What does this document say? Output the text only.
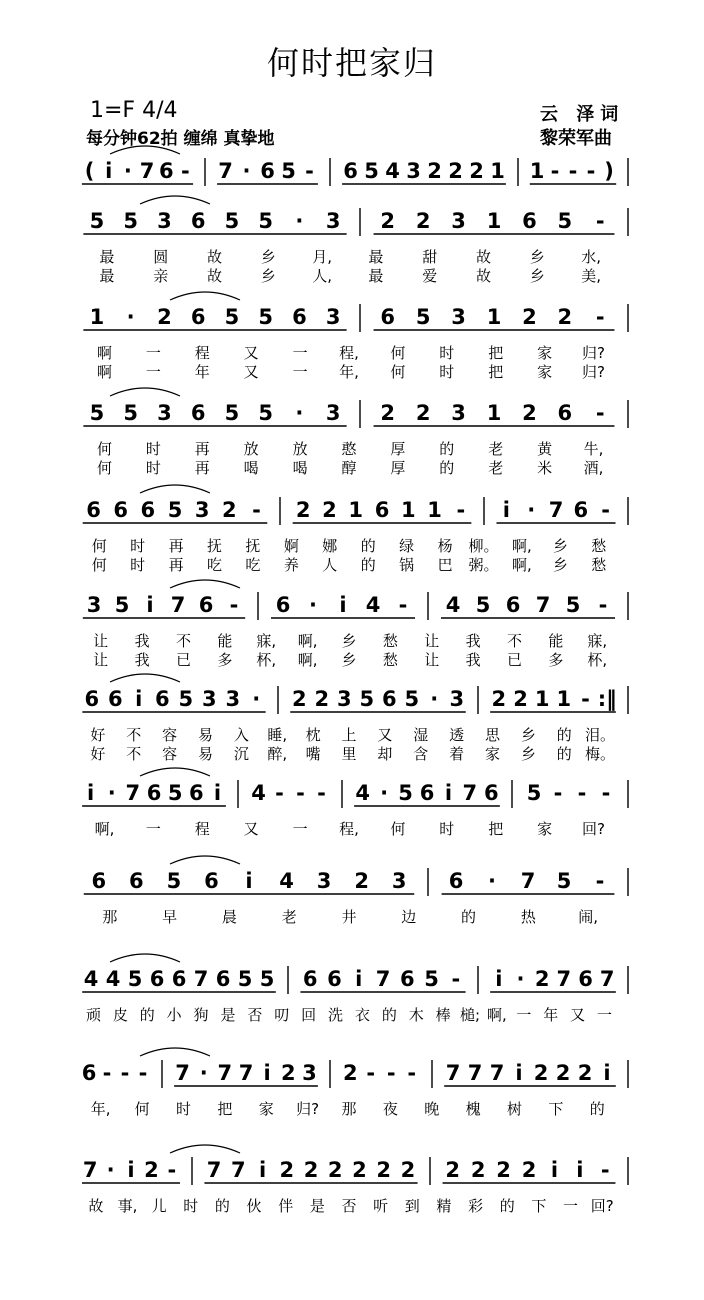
何时把家归
1=F 4/4
每分钟62拍 缠绵 真挚地
云 泽词
黎荣军曲
( i · 7 6 - 7 · 6 5 - 6 5 4 3 2 2 2 1 1 - - - )
5 5 3 6 5 5 · 3 2 2 3 1 6 5 -
最	圆	故	乡 月, 最	甜	故	乡 水,
最	亲	故	乡 人, 最	爱	故	乡 美,
1 · 2 6 5 5 6 3 6 5 3 1 2 2 -
啊 一 程 又 一 程, 何 时 把 家 归?
啊 一 年 又 一 年, 何 时 把 家 归?
5 5 3 6 5 5 · 3 2 2 3 1 2 6 -
何 时 再 放 放 憨 厚 的 老 黄 牛,
何 时 再 喝 喝 醇 厚 的 老 米 酒,
6 6 6 5 3 2 - 2 2 1 6 1 1 - i · 7 6 -
何 时 再 抚 抚 婀 娜 的 绿 杨 柳。 啊, 乡 愁
何 时 再 吃 吃 养 人 的 锅 巴 粥。 啊, 乡 愁
3 5 i 7 6 - 6 · i 4 - 4 5 6 7 5 -
让 我 不 能 寐, 啊, 乡 愁 让 我 不 能 寐,
让 我 已 多 杯, 啊, 乡 愁 让 我 已 多 杯,
6 6 i 6 5 3 3 · 2 2 3 5 6 5 · 3 2 2 1 1 - :‖
好 不 容 易 入 睡, 枕 上 又 湿 透 思 乡 的 泪。
好 不 容 易 沉 醉, 嘴 里 却 含 着 家 乡 的 梅。
i · 7 6 5 6 i 4 - - - 4 · 5 6 i 7 6 5 - - -
啊, 一 程 又 一 程, 何 时 把 家 回?
6 6 5 6 i 4 3 2 3 6 · 7 5 -
那	早	晨	老	井	边	的	热	闹,
4 4 5 6 6 7 6 5 5 6 6 i 7 6 5 - i · 2 7 6 7
顽 皮 的 小 狗 是 否 叨 回 洗 衣 的 木 棒 槌; 啊, 一 年 又 一
6 - - - 7 · 7 7 i 2 3 2 - - - 7 7 7 i 2 2 2 i
年, 何 时 把 家 归? 那 夜 晚 槐 树 下 的
7 · i 2 - 7 7 i 2 2 2 2 2 2 2 2 2 2 i i -
故 事, 儿 时 的 伙 伴 是 否 听 到 精 彩 的 下 一 回?
